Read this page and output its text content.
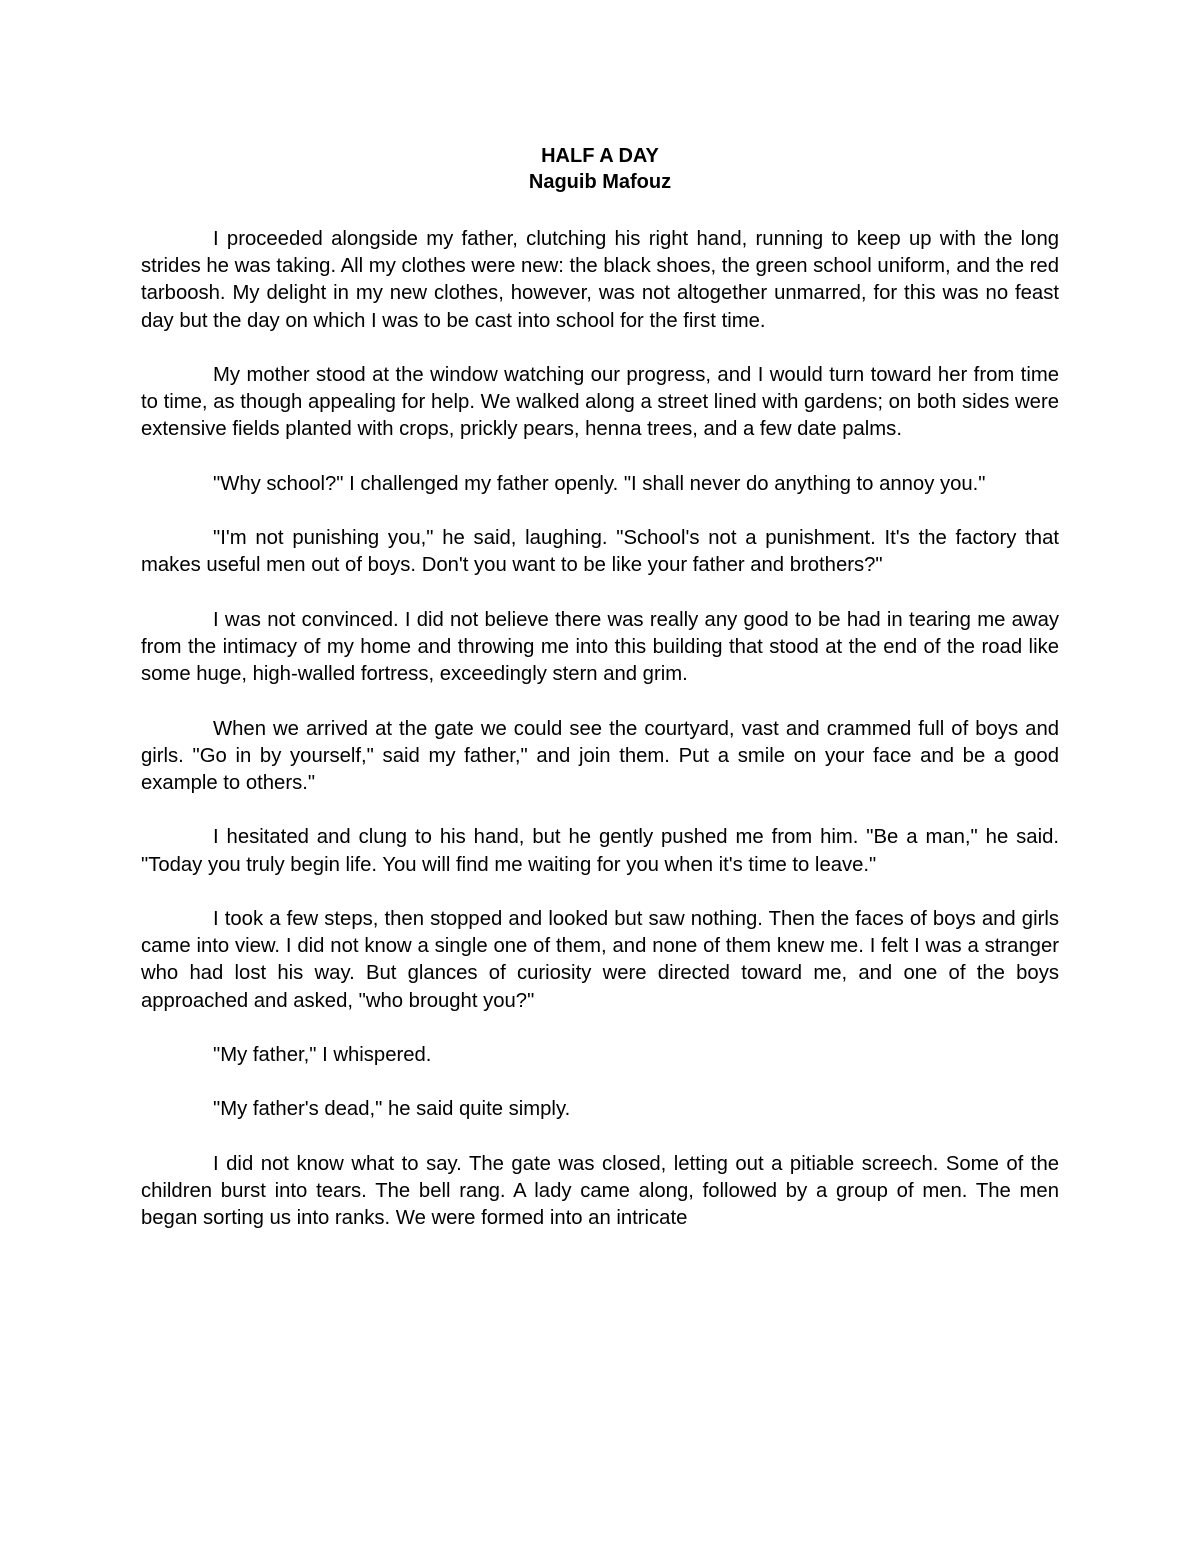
HALF A DAY
Naguib Mafouz

I proceeded alongside my father, clutching his right hand, running to keep up with the long strides he was taking. All my clothes were new: the black shoes, the green school uniform, and the red tarboosh. My delight in my new clothes, however, was not altogether unmarred, for this was no feast day but the day on which I was to be cast into school for the first time.

My mother stood at the window watching our progress, and I would turn toward her from time to time, as though appealing for help. We walked along a street lined with gardens; on both sides were extensive fields planted with crops, prickly pears, henna trees, and a few date palms.

"Why school?" I challenged my father openly. "I shall never do anything to annoy you."

"I'm not punishing you," he said, laughing. "School's not a punishment. It's the factory that makes useful men out of boys. Don't you want to be like your father and brothers?"

I was not convinced. I did not believe there was really any good to be had in tearing me away from the intimacy of my home and throwing me into this building that stood at the end of the road like some huge, high-walled fortress, exceedingly stern and grim.

When we arrived at the gate we could see the courtyard, vast and crammed full of boys and girls. "Go in by yourself," said my father," and join them. Put a smile on your face and be a good example to others."

I hesitated and clung to his hand, but he gently pushed me from him. "Be a man," he said. "Today you truly begin life. You will find me waiting for you when it's time to leave."

I took a few steps, then stopped and looked but saw nothing. Then the faces of boys and girls came into view. I did not know a single one of them, and none of them knew me. I felt I was a stranger who had lost his way. But glances of curiosity were directed toward me, and one of the boys approached and asked, "who brought you?"

"My father," I whispered.

"My father's dead," he said quite simply.

I did not know what to say. The gate was closed, letting out a pitiable screech. Some of the children burst into tears. The bell rang. A lady came along, followed by a group of men. The men began sorting us into ranks. We were formed into an intricate
